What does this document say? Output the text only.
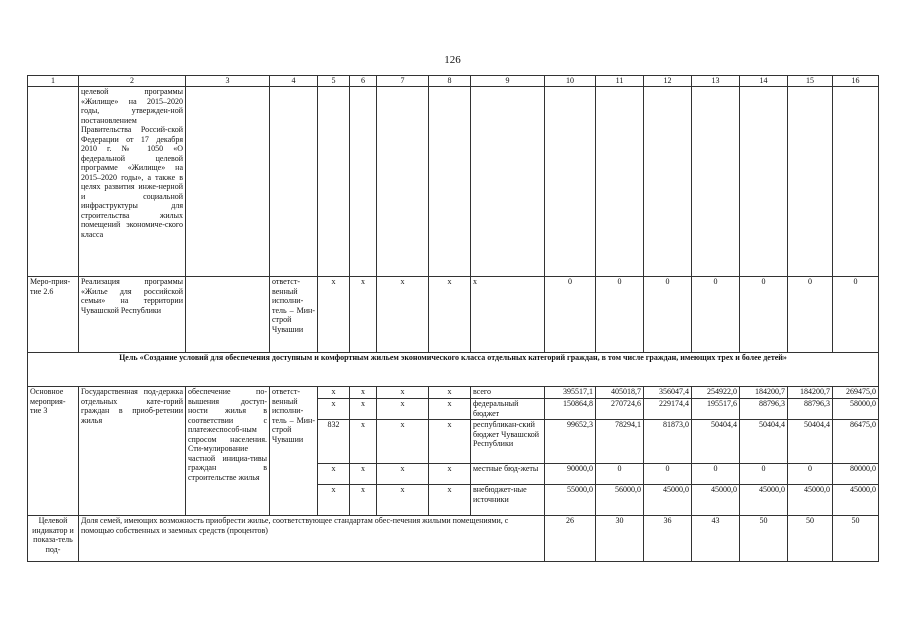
126
1	2	3	4	5	6	7	8	9	10	11	12	13	14	15	16
	целевой программы «Жилище» на 2015–2020 годы, утвержден-ной постановлением Правительства Россий-ской Федерации от 17 декабря 2010 г. № 1050 «О федеральной целевой программе «Жилище» на 2015–2020 годы», а также в целях развития инже-нерной и социальной инфраструктуры для строительства жилых помещений экономиче-ского класса														
Меро-прия-тие 2.6	Реализация программы «Жилье для российской семьи» на территории Чувашской Республики		ответст-венный исполни-тель – Мин-строй Чувашии	x	x	x	x	x	0	0	0	0	0	0	0
Цель «Создание условий для обеспечения доступным и комфортным жильем экономического класса отдельных категорий граждан, в том числе граждан, имеющих трех и более детей»															
Основное мероприя-тие 3	Государственная под-держка отдельных кате-горий граждан в приоб-ретении жилья	обеспечение по-вышения доступ-ности жилья в соответствии с платежеспособ-ным спросом населения. Сти-мулирование частной инициа-тивы граждан в строительстве жилья	ответст-венный исполни-тель – Мин-строй Чувашии	x	x	x	x	всего	395517,1	405018,7	356047,4	254922,0	184200,7	184200,7	269475,0
				x	x	x	x	федеральный бюджет	150864,8	270724,6	229174,4	195517,6	88796,3	88796,3	58000,0
				832	x	x	x	республикан-ский бюджет Чувашской Республики	99652,3	78294,1	81873,0	50404,4	50404,4	50404,4	86475,0
				x	x	x	x	местные бюд-жеты	90000,0	0	0	0	0	0	80000,0
				x	x	x	x	внебюджет-ные источники	55000,0	56000,0	45000,0	45000,0	45000,0	45000,0	45000,0
Целевой индикатор и показа-тель под-	Доля семей, имеющих возможность приобрести жилье, соответствующее стандартам обес-печения жилыми помещениями, с помощью собственных и заемных средств (процентов)								26	30	36	43	50	50	50
